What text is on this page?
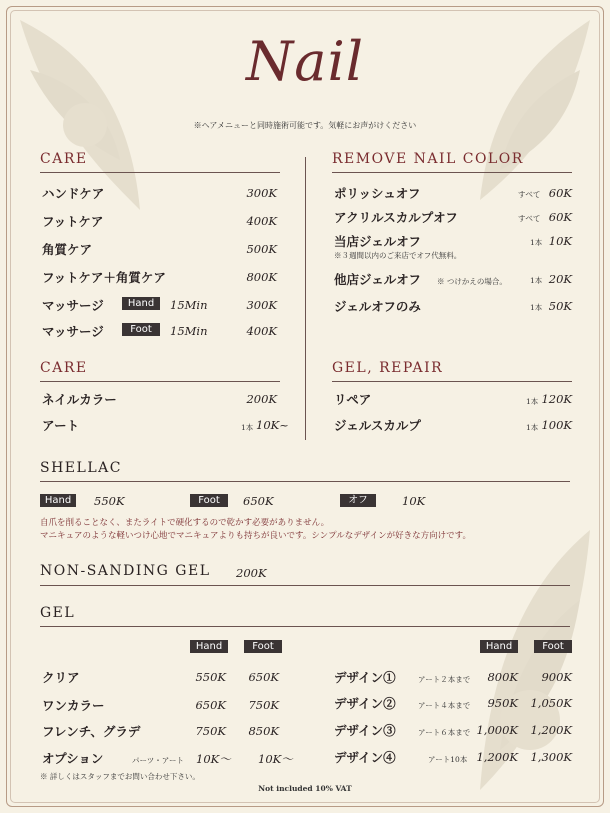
Nail
※ヘアメニューと同時施術可能です。気軽にお声がけください
CARE
ハンドケア	300K
フットケア	400K
角質ケア	500K
フットケア＋角質ケア	800K
マッサージ	Hand	15Min	300K
マッサージ	Foot	15Min	400K
REMOVE NAIL COLOR
ポリッシュオフ	すべて 60K
アクリルスカルプオフ	すべて 60K
当店ジェルオフ	1本 10K
※３週間以内のご来店でオフ代無料。
他店ジェルオフ ※ つけかえの場合。	1本 20K
ジェルオフのみ	1本 50K
CARE
ネイルカラー	200K
アート	1本 10K~
GEL, REPAIR
リペア	1本 120K
ジェルスカルプ	1本 100K
SHELLAC
Hand	550K	Foot	650K	オフ	10K
自爪を削ることなく、またライトで硬化するので乾かす必要がありません。
マニキュアのような軽いつけ心地でマニキュアよりも持ちが良いです。シンプルなデザインが好きな方向けです。
NON-SANDING GEL 200K
GEL
Hand	Foot	Hand	Foot
クリア	550K	650K
ワンカラー	650K	750K
フレンチ、グラデ	750K	850K
オプション	パーツ・アート 10K～	10K～
※ 詳しくはスタッフまでお問い合わせ下さい。
デザイン①	アート２本まで	800K	900K
デザイン②	アート４本まで	950K	1,050K
デザイン③	アート６本まで 1,000K	1,200K
デザイン④	アート10本 1,200K	1,300K
Not included 10% VAT
